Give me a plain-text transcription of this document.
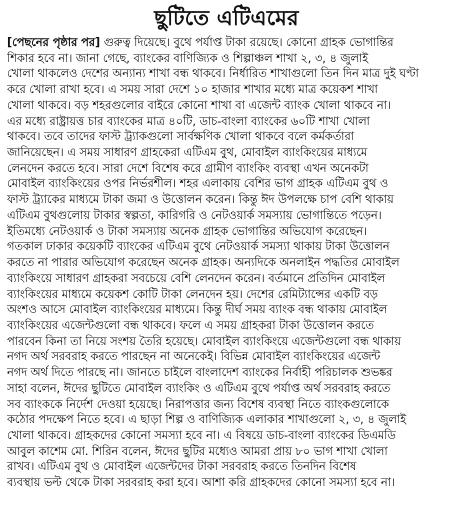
ছুটিতে এটিএমের
[পেছনের পৃষ্ঠার পর] গুরুত্ব দিয়েছে। বুথে পর্যাপ্ত টাকা রয়েছে। কোনো গ্রাহক ভোগান্তির
শিকার হবে না। জানা গেছে, ব্যাংকের বাণিজ্যিক ও শিল্পাঞ্চল শাখা ২, ৩, ৪ জুলাই
খোলা থাকলেও দেশের অন্যান্য শাখা বন্ধ থাকবে। নির্ধারিত শাখাগুলো তিন দিন মাত্র দুই ঘণ্টা
করে খোলা রাখা হবে। এ সময় সারা দেশে ১০ হাজার শাখার মধ্যে মাত্র কয়েকশ শাখা
খোলা থাকবে। বড় শহরগুলোর বাইরে কোনো শাখা বা এজেন্ট ব্যাংক খোলা থাকবে না।
এর মধ্যে রাষ্ট্রায়ত্ত চার ব্যাংকের মাত্র ৪০টি, ডাচ-বাংলা ব্যাংকের ৬০টি শাখা খোলা
থাকবে। তবে তাদের ফাস্ট ট্র্যাকগুলো সার্বক্ষণিক খোলা থাকবে বলে কর্মকর্তারা
জানিয়েছেন। এ সময় সাধারণ গ্রাহকেরা এটিএম বুথ, মোবাইল ব্যাংকিংয়ের মাধ্যমে
লেনদেন করতে হবে। সারা দেশে বিশেষ করে গ্রামীণ ব্যাংকিং ব্যবস্থা এখন অনেকটা
মোবাইল ব্যাংকিংয়ের ওপর নির্ভরশীল। শহর এলাকায় বেশির ভাগ গ্রাহক এটিএম বুথ ও
ফাস্ট ট্র্যাকের মাধ্যমে টাকা জমা ও উত্তোলন করেন। কিন্তু ঈদ উপলক্ষে চাপ বেশি থাকায়
এটিএম বুথগুলোয় টাকার স্বল্পতা, কারিগরি ও নেটওয়ার্ক সমস্যায় ভোগান্তিতে পড়েন।
ইতিমধ্যে নেটওয়ার্ক ও টাকা সমস্যায় অনেক গ্রাহক ভোগান্তির অভিযোগ করেছেন।
গতকাল ঢাকার কয়েকটি ব্যাংকের এটিএম বুথে নেটওয়ার্ক সমস্যা থাকায় টাকা উত্তোলন
করতে না পারার অভিযোগ করেছেন অনেক গ্রাহক। অন্যদিকে অনলাইন পদ্ধতির মোবাইল
ব্যাংকিংয়ে সাধারণ গ্রাহকরা সবচেয়ে বেশি লেনদেন করেন। বর্তমানে প্রতিদিন মোবাইল
ব্যাংকিংয়ের মাধ্যমে কয়েকশ কোটি টাকা লেনদেন হয়। দেশের রেমিট্যান্সের একটি বড়
অংশও আসে মোবাইল ব্যাংকিংয়ের মাধ্যমে। কিন্তু দীর্ঘ সময় ব্যাংক বন্ধ থাকায় মোবাইল
ব্যাংকিংয়ের এজেন্টগুলো বন্ধ থাকবে। ফলে এ সময় গ্রাহকরা টাকা উত্তোলন করতে
পারবেন কিনা তা নিয়ে সংশয় তৈরি হয়েছে। মোবাইল ব্যাংকিংয়ে এজেন্টগুলো বন্ধ থাকায়
নগদ অর্থ সরবরাহ করতে পারছেন না অনেকেই। বিভিন্ন মোবাইল ব্যাংকিংয়ের এজেন্ট
নগদ অর্থ দিতে পারছে না। জানতে চাইলে বাংলাদেশ ব্যাংকের নির্বাহী পরিচালক শুভঙ্কর
সাহা বলেন, ঈদের ছুটিতে মোবাইল ব্যাংকিং ও এটিএম বুথে পর্যাপ্ত অর্থ সরবরাহ করতে
সব ব্যাংককে নির্দেশ দেওয়া হয়েছে। নিরাপত্তার জন্য বিশেষ ব্যবস্থা নিতে ব্যাংকগুলোকে
কঠোর পদক্ষেপ নিতে হবে। এ ছাড়া শিল্প ও বাণিজ্যিক এলাকার শাখাগুলো ২, ৩, ৪ জুলাই
খোলা থাকবে। গ্রাহকদের কোনো সমস্যা হবে না। এ বিষয়ে ডাচ-বাংলা ব্যাংকের ডিএমডি
আবুল কাশেম মো. শিরিন বলেন, ঈদের ছুটির মধ্যেও আমরা প্রায় ৮০ ভাগ শাখা খোলা
রাখব। এটিএম বুথ ও মোবাইল এজেন্টদের টাকা সরবরাহ করতে তিনদিন বিশেষ
ব্যবস্থায় ভল্ট থেকে টাকা সরবরাহ করা হবে। আশা করি গ্রাহকদের কোনো সমস্যা হবে না।
